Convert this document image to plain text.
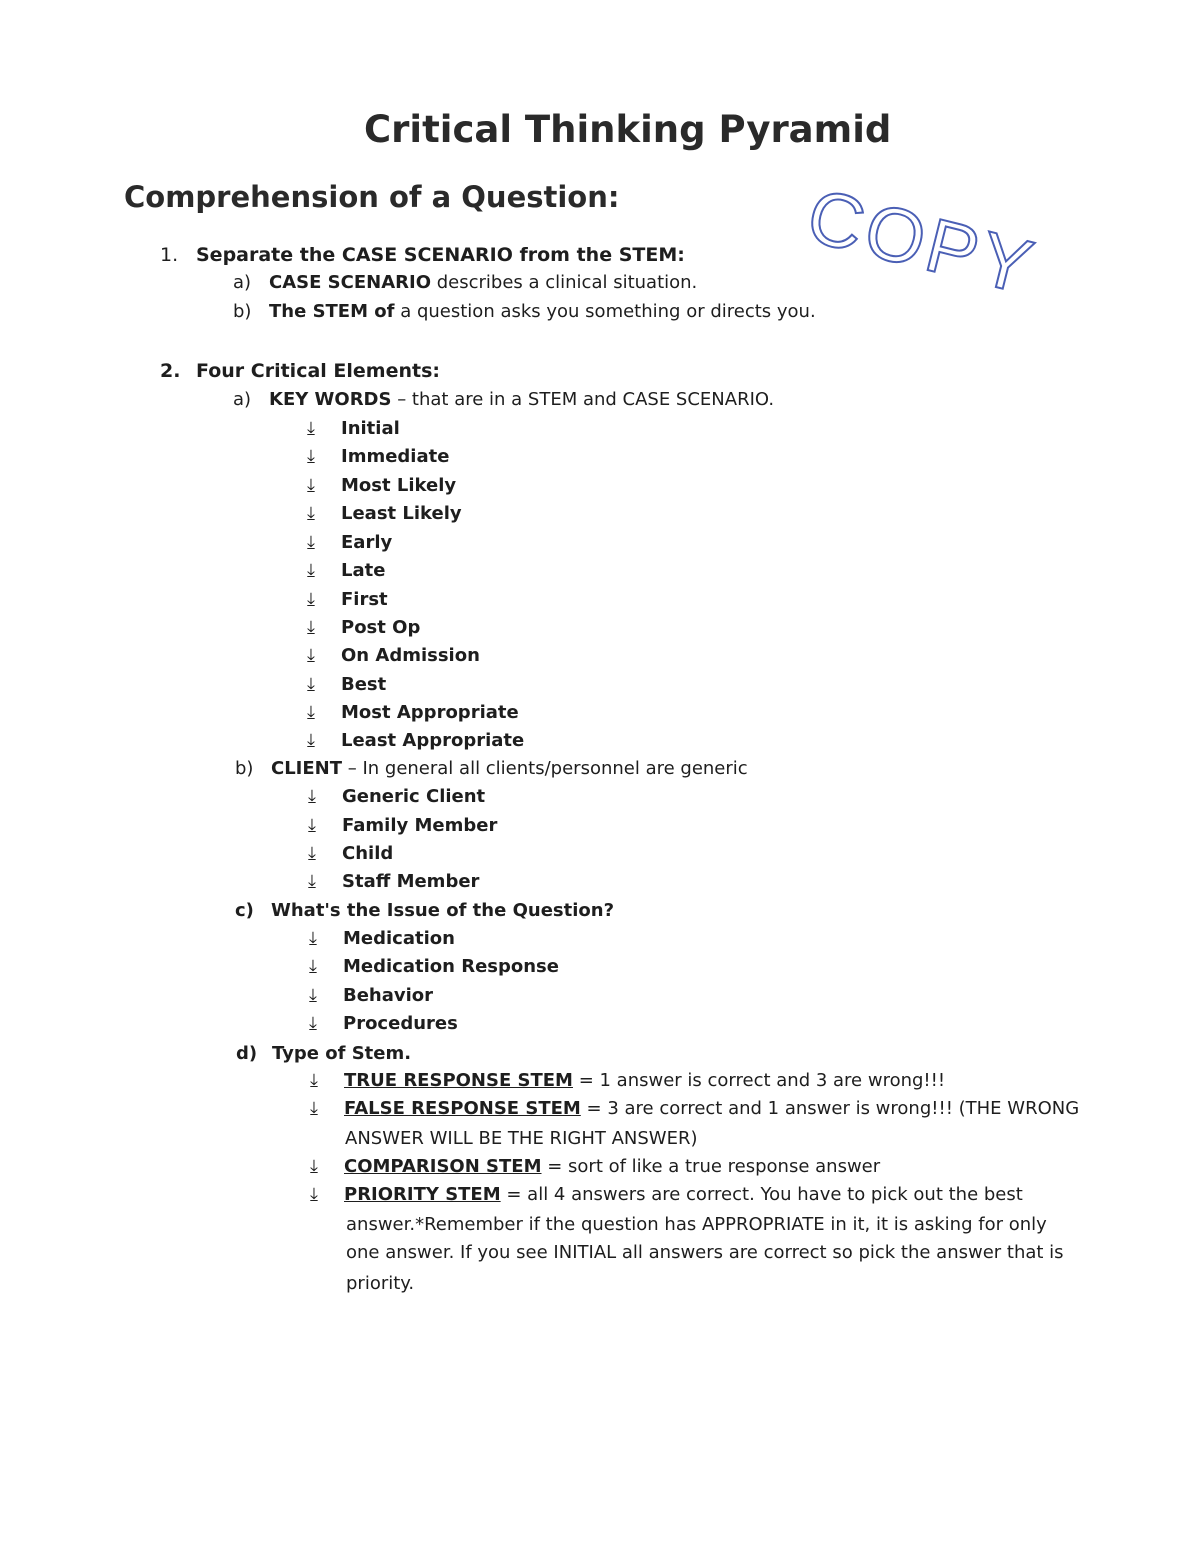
Critical Thinking Pyramid
Comprehension of a Question: COPY
1. Separate the CASE SCENARIO from the STEM:
a) CASE SCENARIO describes a clinical situation.
b) The STEM of a question asks you something or directs you.
2. Four Critical Elements:
a) KEY WORDS – that are in a STEM and CASE SCENARIO.
⤓ Initial
⤓ Immediate
⤓ Most Likely
⤓ Least Likely
⤓ Early
⤓ Late
⤓ First
⤓ Post Op
⤓ On Admission
⤓ Best
⤓ Most Appropriate
⤓ Least Appropriate
b) CLIENT – In general all clients/personnel are generic
⤓ Generic Client
⤓ Family Member
⤓ Child
⤓ Staff Member
c) What's the Issue of the Question?
⤓ Medication
⤓ Medication Response
⤓ Behavior
⤓ Procedures
d) Type of Stem.
⤓ TRUE RESPONSE STEM = 1 answer is correct and 3 are wrong!!!
⤓ FALSE RESPONSE STEM = 3 are correct and 1 answer is wrong!!! (THE WRONG
ANSWER WILL BE THE RIGHT ANSWER)
⤓ COMPARISON STEM = sort of like a true response answer
⤓ PRIORITY STEM = all 4 answers are correct. You have to pick out the best
answer.*Remember if the question has APPROPRIATE in it, it is asking for only
one answer. If you see INITIAL all answers are correct so pick the answer that is
priority.
